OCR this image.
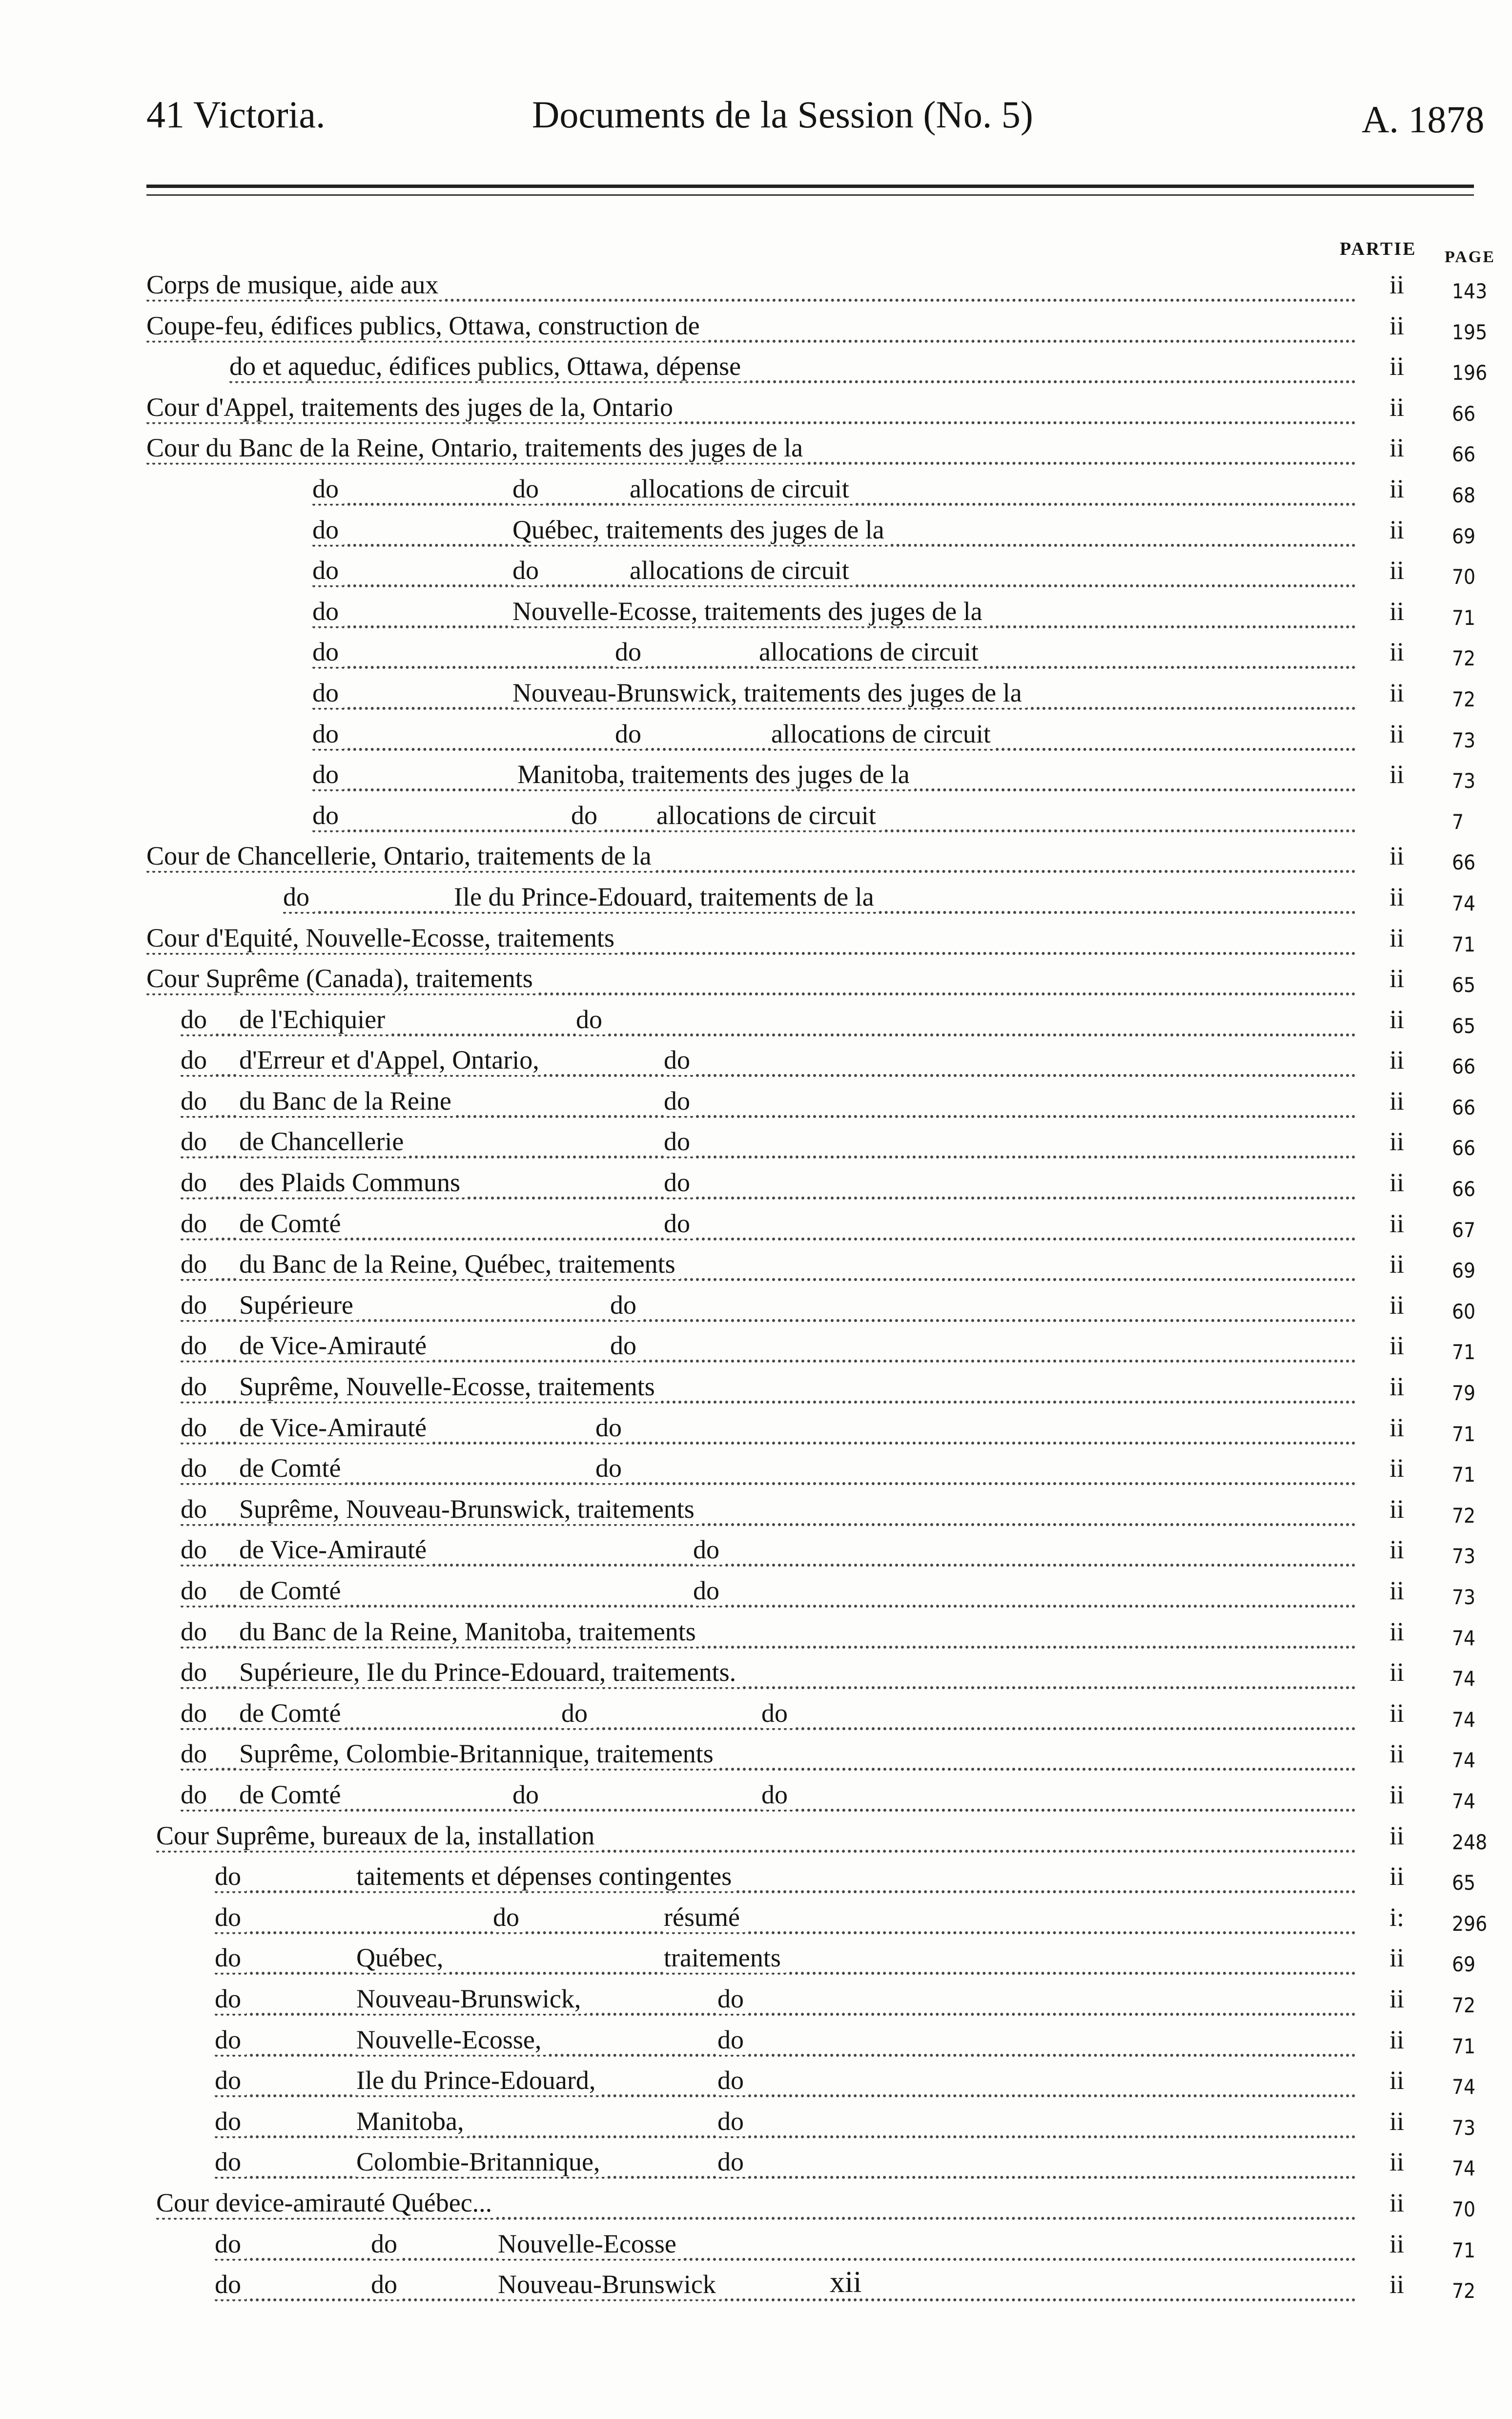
41 Victoria.	Documents de la Session (No. 5)	A. 1878
PARTIE PAGE
Corps de musique, aide aux	ii	143
Coupe-feu, édifices publics, Ottawa, construction de	ii	195
do et aqueduc, édifices publics, Ottawa, dépense	ii	196
Cour d'Appel, traitements des juges de la, Ontario	ii	66
Cour du Banc de la Reine, Ontario, traitements des juges de la	ii	66
do	do	allocations de circuit	ii	68
do	Québec, traitements des juges de la	ii	69
do	do	allocations de circuit	ii	70
do	Nouvelle-Ecosse, traitements des juges de la	ii	71
do	do	allocations de circuit	ii	72
do	Nouveau-Brunswick, traitements des juges de la	ii	72
do	do	allocations de circuit	ii	73
do	Manitoba, traitements des juges de la	ii	73
do	do allocations de circuit	7
Cour de Chancellerie, Ontario, traitements de la	ii	66
do	Ile du Prince-Edouard, traitements de la	ii	74
Cour d'Equité, Nouvelle-Ecosse, traitements	ii	71
Cour Suprême (Canada), traitements	ii	65
do de l'Echiquier	do	ii	65
do d'Erreur et d'Appel, Ontario,	do	ii	66
do du Banc de la Reine	do	ii	66
do de Chancellerie	do	ii	66
do des Plaids Communs	do	ii	66
do de Comté	do	ii	67
do du Banc de la Reine, Québec, traitements	ii	69
do Supérieure	do	ii	60
do de Vice-Amirauté	do	ii	71
do Suprême, Nouvelle-Ecosse, traitements	ii	79
do de Vice-Amirauté	do	ii	71
do de Comté	do	ii	71
do Suprême, Nouveau-Brunswick, traitements	ii	72
do de Vice-Amirauté	do	ii	73
do de Comté	do	ii	73
do du Banc de la Reine, Manitoba, traitements	ii	74
do Supérieure, Ile du Prince-Edouard, traitements.	ii	74
do de Comté	do	do	ii	74
do Suprême, Colombie-Britannique, traitements	ii	74
do de Comté	do	do	ii	74
Cour Suprême, bureaux de la, installation	ii	248
do	taitements et dépenses contingentes	ii	65
do	do	résumé	i:	296
do	Québec,	traitements	ii	69
do	Nouveau-Brunswick,	do	ii	72
do	Nouvelle-Ecosse,	do	ii	71
do	Ile du Prince-Edouard,	do	ii	74
do	Manitoba,	do	ii	73
do	Colombie-Britannique,	do	ii	74
Cour device-amirauté Québec...	ii	70
do	do	Nouvelle-Ecosse	ii	71
do	do	Nouveau-Brunswick	ii	72
xii
